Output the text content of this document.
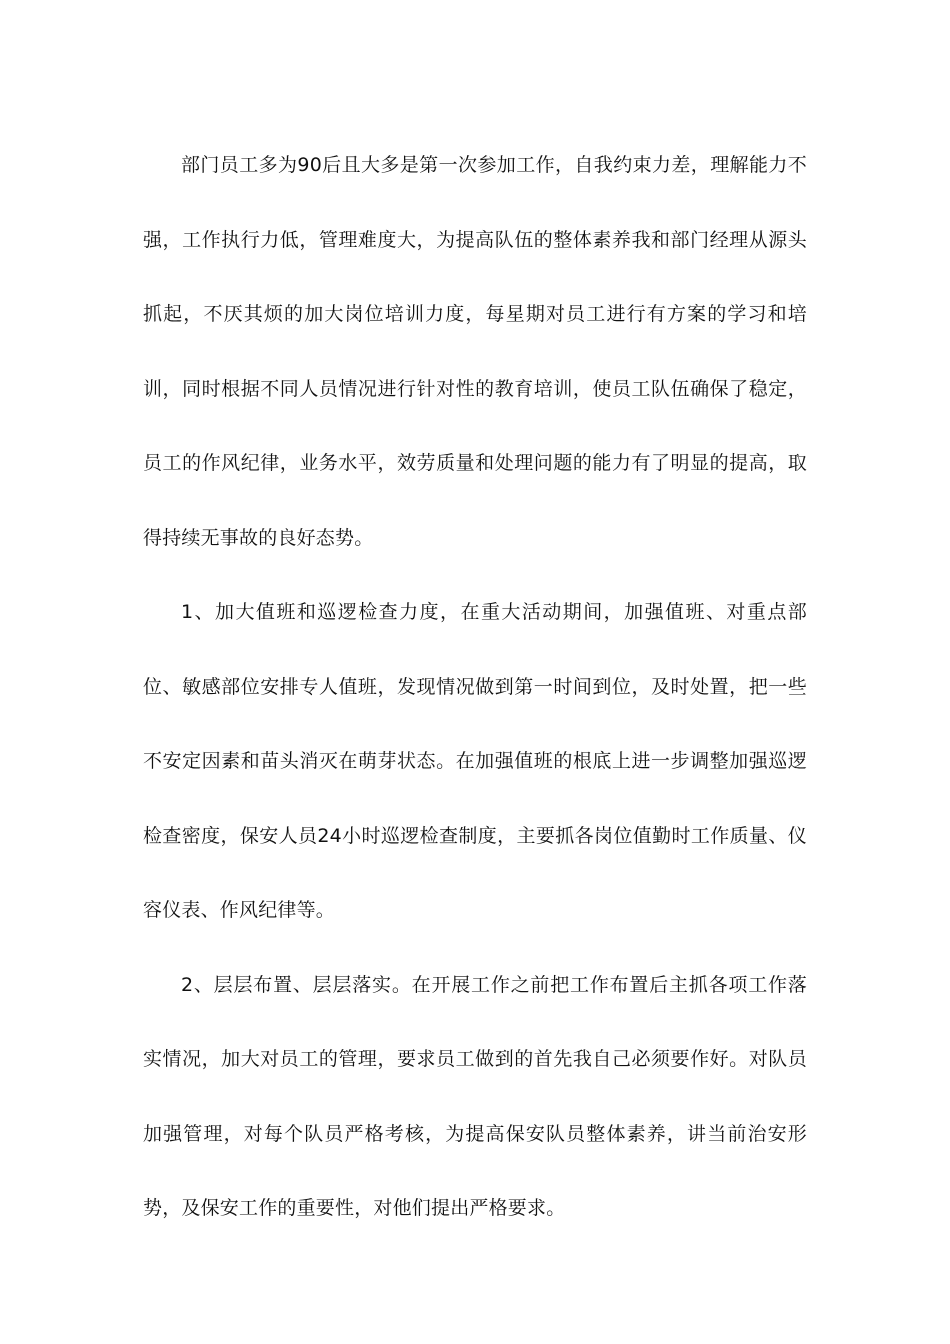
部门员工多为90后且大多是第一次参加工作，自我约束力差，理解能力不强，工作执行力低，管理难度大，为提高队伍的整体素养我和部门经理从源头抓起，不厌其烦的加大岗位培训力度，每星期对员工进行有方案的学习和培训，同时根据不同人员情况进行针对性的教育培训，使员工队伍确保了稳定，员工的作风纪律，业务水平，效劳质量和处理问题的能力有了明显的提高，取得持续无事故的良好态势。

1、加大值班和巡逻检查力度，在重大活动期间，加强值班、对重点部位、敏感部位安排专人值班，发现情况做到第一时间到位，及时处置，把一些不安定因素和苗头消灭在萌芽状态。在加强值班的根底上进一步调整加强巡逻检查密度，保安人员24小时巡逻检查制度，主要抓各岗位值勤时工作质量、仪容仪表、作风纪律等。

2、层层布置、层层落实。在开展工作之前把工作布置后主抓各项工作落实情况，加大对员工的管理，要求员工做到的首先我自己必须要作好。对队员加强管理，对每个队员严格考核，为提高保安队员整体素养，讲当前治安形势，及保安工作的重要性，对他们提出严格要求。
